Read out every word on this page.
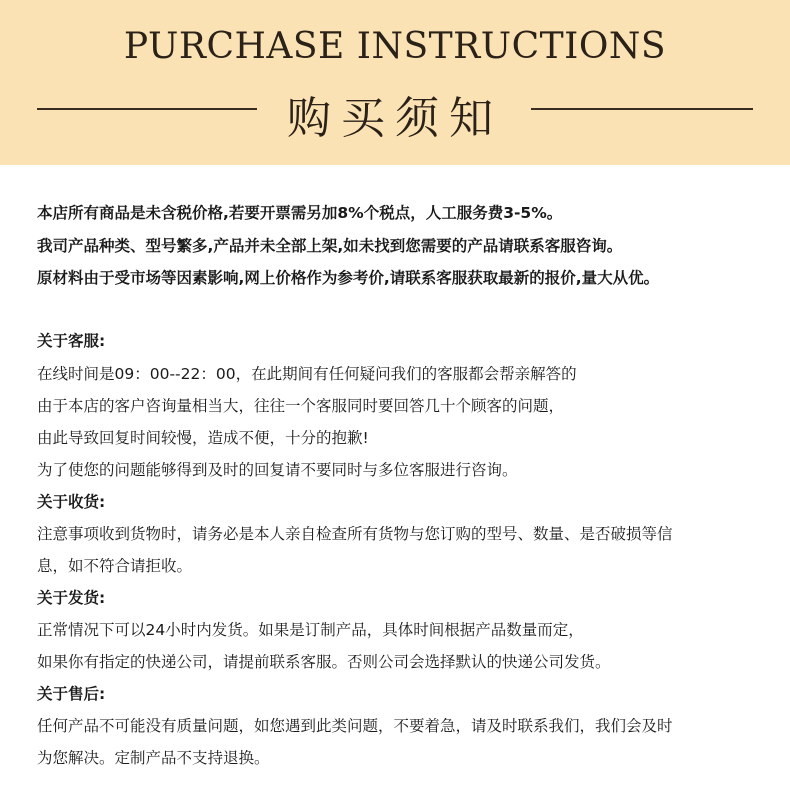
PURCHASE INSTRUCTIONS
购买须知
本店所有商品是未含税价格,若要开票需另加8%个税点，人工服务费3-5%。
我司产品种类、型号繁多,产品并未全部上架,如未找到您需要的产品请联系客服咨询。
原材料由于受市场等因素影响,网上价格作为参考价,请联系客服获取最新的报价,量大从优。
关于客服:
在线时间是09：00--22：00，在此期间有任何疑问我们的客服都会帮亲解答的
由于本店的客户咨询量相当大，往往一个客服同时要回答几十个顾客的问题，
由此导致回复时间较慢，造成不便，十分的抱歉!
为了使您的问题能够得到及时的回复请不要同时与多位客服进行咨询。
关于收货:
注意事项收到货物时，请务必是本人亲自检查所有货物与您订购的型号、数量、是否破损等信
息，如不符合请拒收。
关于发货:
正常情况下可以24小时内发货。如果是订制产品，具体时间根据产品数量而定，
如果你有指定的快递公司，请提前联系客服。否则公司会选择默认的快递公司发货。
关于售后:
任何产品不可能没有质量问题，如您遇到此类问题，不要着急，请及时联系我们，我们会及时
为您解决。定制产品不支持退换。
